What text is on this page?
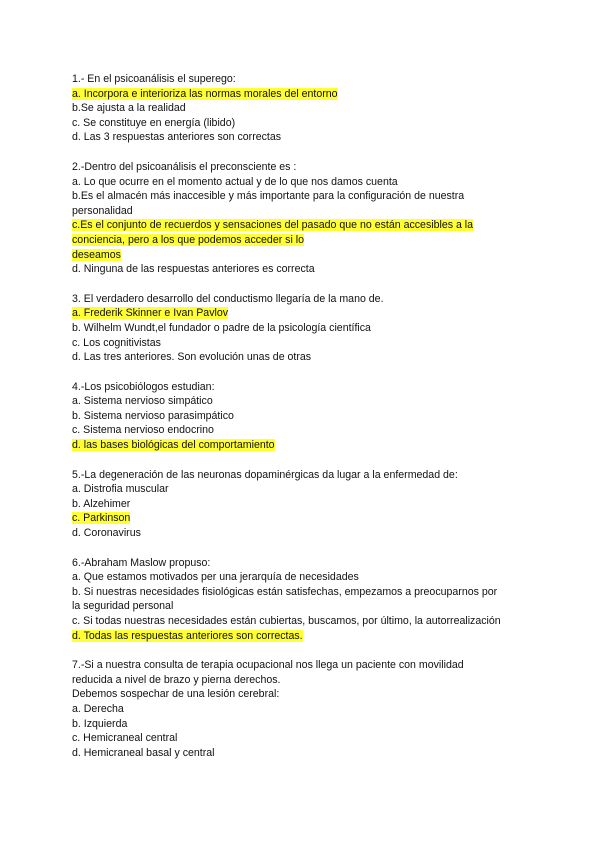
1.- En el psicoanálisis el superego:
a. Incorpora e interioriza las normas morales del entorno
b.Se ajusta a la realidad
c. Se constituye en energía (libido)
d. Las 3 respuestas anteriores son correctas
2.-Dentro del psicoanálisis el preconsciente es :
a. Lo que ocurre en el momento actual y de lo que nos damos cuenta
b.Es el almacén más inaccesible y más importante para la configuración de nuestra
personalidad
c.Es el conjunto de recuerdos y sensaciones del pasado que no están accesibles a la
conciencia, pero a los que podemos acceder si lo
deseamos
d. Ninguna de las respuestas anteriores es correcta
3. El verdadero desarrollo del conductismo llegaría de la mano de.
a. Frederik Skinner e Ivan Pavlov
b. Wilhelm Wundt,el fundador o padre de la psicología científica
c. Los cognitivistas
d. Las tres anteriores. Son evolución unas de otras
4.-Los psicobiólogos estudian:
a. Sistema nervioso simpático
b. Sistema nervioso parasimpático
c. Sistema nervioso endocrino
d. las bases biológicas del comportamiento
5.-La degeneración de las neuronas dopaminérgicas da lugar a la enfermedad de:
a. Distrofia muscular
b. Alzehimer
c. Parkinson
d. Coronavirus
6.-Abraham Maslow propuso:
a. Que estamos motivados per una jerarquía de necesidades
b. Si nuestras necesidades fisiológicas están satisfechas, empezamos a preocuparnos por
la seguridad personal
c. Si todas nuestras necesidades están cubiertas, buscamos, por último, la autorrealización
d. Todas las respuestas anteriores son correctas.
7.-Si a nuestra consulta de terapia ocupacional nos llega un paciente con movilidad
reducida a nivel de brazo y pierna derechos.
Debemos sospechar de una lesión cerebral:
a. Derecha
b. Izquierda
c. Hemicraneal central
d. Hemicraneal basal y central
